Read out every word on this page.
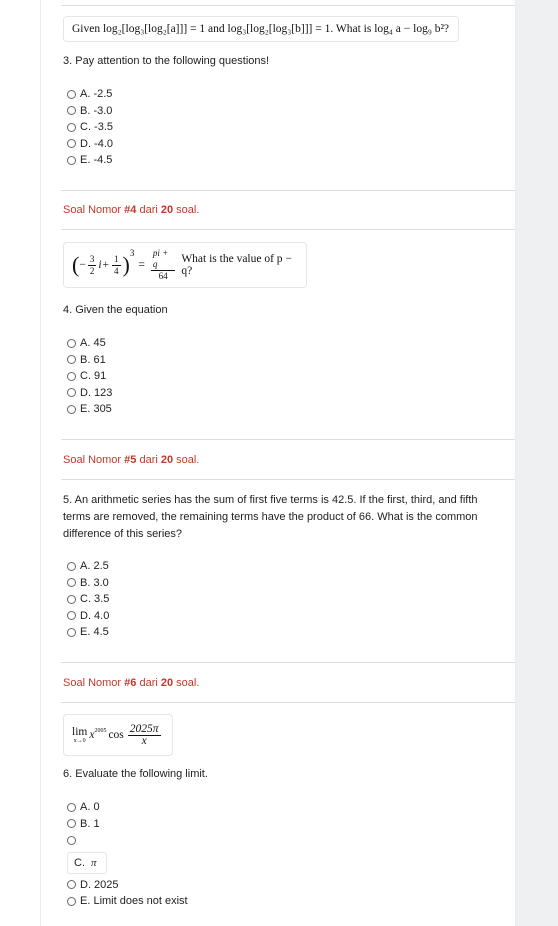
Given log₂[log₃[log₂[a]]] = 1 and log₃[log₂[log₃[b]]] = 1. What is log₄ a − log₉ b²?
3. Pay attention to the following questions!
A. -2.5
B. -3.0
C. -3.5
D. -4.0
E. -4.5
Soal Nomor #4 dari 20 soal.
( − $\frac{3}{2}$ $i + \frac{1}{4} )^3$
= $\frac{pi + q}{64}$ What is the value of p − q?
4. Given the equation
A. 45
B. 61
C. 91
D. 123
E. 305
Soal Nomor #5 dari 20 soal.
5. An arithmetic series has the sum of first five terms is 42.5. If the first, third, and fifth terms are removed, the remaining terms have the product of 66. What is the common difference of this series?
A. 2.5
B. 3.0
C. 3.5
D. 4.0
E. 4.5
Soal Nomor #6 dari 20 soal.
lim
x→0 $x^{2005}$ $\cos \frac{2025\pi}{x}$
6. Evaluate the following limit.
A. 0
B. 1
C. π
D. 2025
E. Limit does not exist
